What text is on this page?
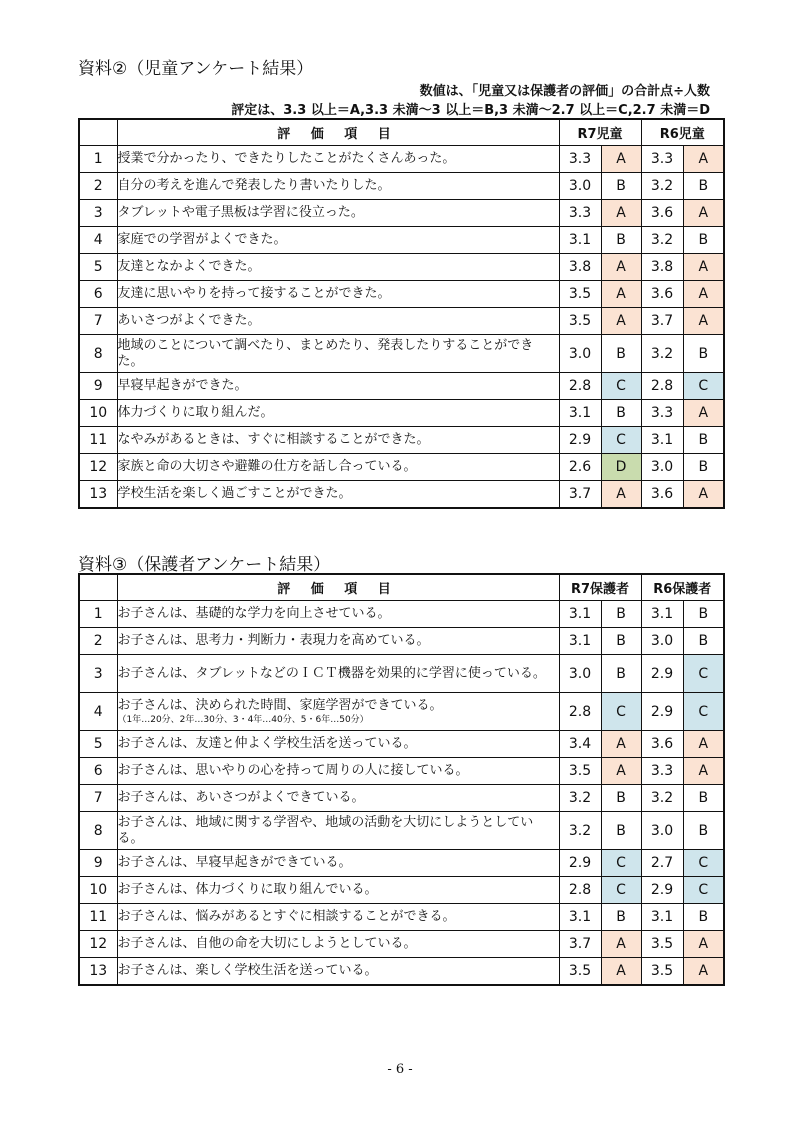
資料②（児童アンケート結果）
数値は、「児童又は保護者の評価」の合計点÷人数
評定は、3.3 以上＝A,3.3 未満～3 以上＝B,3 未満～2.7 以上＝C,2.7 未満＝D
	評 価 項 目	R7児童		R6児童	
1	授業で分かったり、できたりしたことがたくさんあった。	3.3	A	3.3	A
2	自分の考えを進んで発表したり書いたりした。	3.0	B	3.2	B
3	タブレットや電子黒板は学習に役立った。	3.3	A	3.6	A
4	家庭での学習がよくできた。	3.1	B	3.2	B
5	友達となかよくできた。	3.8	A	3.8	A
6	友達に思いやりを持って接することができた。	3.5	A	3.6	A
7	あいさつがよくできた。	3.5	A	3.7	A
8	地域のことについて調べたり、まとめたり、発表したりすることができた。	3.0	B	3.2	B
9	早寝早起きができた。	2.8	C	2.8	C
10	体力づくりに取り組んだ。	3.1	B	3.3	A
11	なやみがあるときは、すぐに相談することができた。	2.9	C	3.1	B
12	家族と命の大切さや避難の仕方を話し合っている。	2.6	D	3.0	B
13	学校生活を楽しく過ごすことができた。	3.7	A	3.6	A
資料③（保護者アンケート結果）
	評 価 項 目	R7保護者		R6保護者	
1	お子さんは、基礎的な学力を向上させている。	3.1	B	3.1	B
2	お子さんは、思考力・判断力・表現力を高めている。	3.1	B	3.0	B
3	お子さんは、タブレットなどのＩＣＴ機器を効果的に学習に使っている。	3.0	B	2.9	C
4	お子さんは、決められた時間、家庭学習ができている。
（1年…20分、2年…30分、3・4年…40分、5・6年…50分）	2.8	C	2.9	C
5	お子さんは、友達と仲よく学校生活を送っている。	3.4	A	3.6	A
6	お子さんは、思いやりの心を持って周りの人に接している。	3.5	A	3.3	A
7	お子さんは、あいさつがよくできている。	3.2	B	3.2	B
8	お子さんは、地域に関する学習や、地域の活動を大切にしようとしている。	3.2	B	3.0	B
9	お子さんは、早寝早起きができている。	2.9	C	2.7	C
10	お子さんは、体力づくりに取り組んでいる。	2.8	C	2.9	C
11	お子さんは、悩みがあるとすぐに相談することができる。	3.1	B	3.1	B
12	お子さんは、自他の命を大切にしようとしている。	3.7	A	3.5	A
13	お子さんは、楽しく学校生活を送っている。	3.5	A	3.5	A
- 6 -
